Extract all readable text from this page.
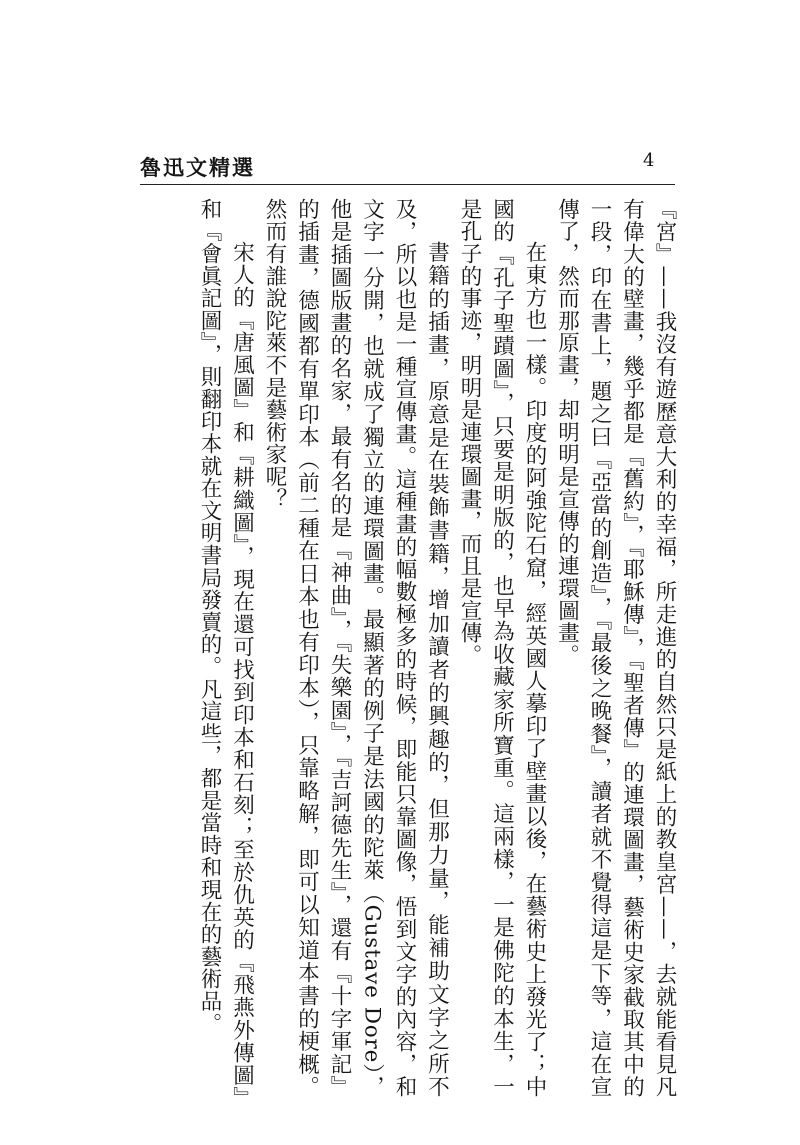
魯迅文精選	4

『宮』——我沒有遊歷意大利的幸福，所走進的自然只是紙上的教皇宮——，去就能看見凡有偉大的壁畫，幾乎都是『舊約』，『耶穌傳』，『聖者傳』的連環圖畫，藝術史家截取其中的一段，印在書上，題之曰『亞當的創造』，『最後之晚餐』，讀者就不覺得這是下等，這在宣傳了，然而那原畫，却明明是宣傳的連環圖畫。

在東方也一樣。印度的阿強陀石窟，經英國人摹印了壁畫以後，在藝術史上發光了；中國的『孔子聖蹟圖』，只要是明版的，也早為收藏家所寶重。這兩樣，一是佛陀的本生，一是孔子的事迹，明明是連環圖畫，而且是宣傳。

書籍的插畫，原意是在裝飾書籍，增加讀者的興趣的，但那力量，能補助文字之所不及，所以也是一種宣傳畫。這種畫的幅數極多的時候，即能只靠圖像，悟到文字的內容，和文字一分開，也就成了獨立的連環圖畫。最顯著的例子是法國的陀萊（Gustave Dore），他是插圖版畫的名家，最有名的是『神曲』，『失樂園』，『吉訶德先生』，還有『十字軍記』的插畫，德國都有單印本（前二種在日本也有印本），只靠略解，即可以知道本書的梗概。然而有誰說陀萊不是藝術家呢？

宋人的『唐風圖』和『耕織圖』，現在還可找到印本和石刻；至於仇英的『飛燕外傳圖』和『會眞記圖』，則翻印本就在文明書局發賣的。凡這些，都是當時和現在的藝術品。
